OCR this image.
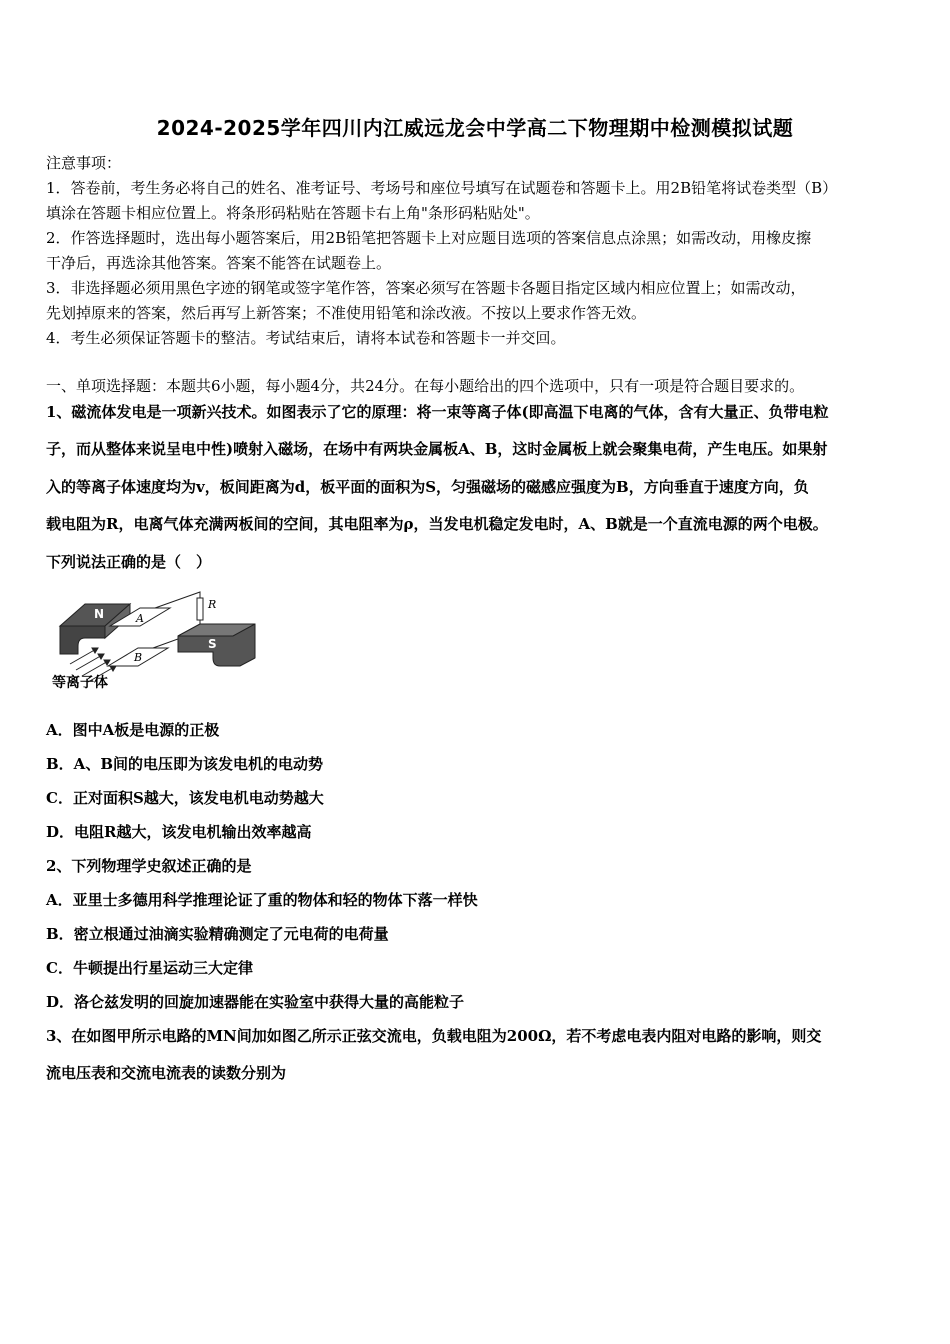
2024-2025学年四川内江威远龙会中学高二下物理期中检测模拟试题
注意事项：
1．答卷前，考生务必将自己的姓名、准考证号、考场号和座位号填写在试题卷和答题卡上。用2B铅笔将试卷类型（B）
填涂在答题卡相应位置上。将条形码粘贴在答题卡右上角"条形码粘贴处"。
2．作答选择题时，选出每小题答案后，用2B铅笔把答题卡上对应题目选项的答案信息点涂黑；如需改动，用橡皮擦
干净后，再选涂其他答案。答案不能答在试题卷上。
3．非选择题必须用黑色字迹的钢笔或签字笔作答，答案必须写在答题卡各题目指定区域内相应位置上；如需改动，
先划掉原来的答案，然后再写上新答案；不准使用铅笔和涂改液。不按以上要求作答无效。
4．考生必须保证答题卡的整洁。考试结束后，请将本试卷和答题卡一并交回。
一、单项选择题：本题共6小题，每小题4分，共24分。在每小题给出的四个选项中，只有一项是符合题目要求的。
1、磁流体发电是一项新兴技术。如图表示了它的原理：将一束等离子体(即高温下电离的气体，含有大量正、负带电粒
子，而从整体来说呈电中性)喷射入磁场，在场中有两块金属板A、B，这时金属板上就会聚集电荷，产生电压。如果射
入的等离子体速度均为v，板间距离为d，板平面的面积为S，匀强磁场的磁感应强度为B，方向垂直于速度方向，负
载电阻为R，电离气体充满两板间的空间，其电阻率为ρ，当发电机稳定发电时，A、B就是一个直流电源的两个电极。
下列说法正确的是（　）
N	A
B
R
S
等离子体
A．图中A板是电源的正极
B．A、B间的电压即为该发电机的电动势
C．正对面积S越大，该发电机电动势越大
D．电阻R越大，该发电机输出效率越高
2、下列物理学史叙述正确的是
A．亚里士多德用科学推理论证了重的物体和轻的物体下落一样快
B．密立根通过油滴实验精确测定了元电荷的电荷量
C．牛顿提出行星运动三大定律
D．洛仑兹发明的回旋加速器能在实验室中获得大量的高能粒子
3、在如图甲所示电路的MN间加如图乙所示正弦交流电，负载电阻为200Ω，若不考虑电表内阻对电路的影响，则交
流电压表和交流电流表的读数分别为
